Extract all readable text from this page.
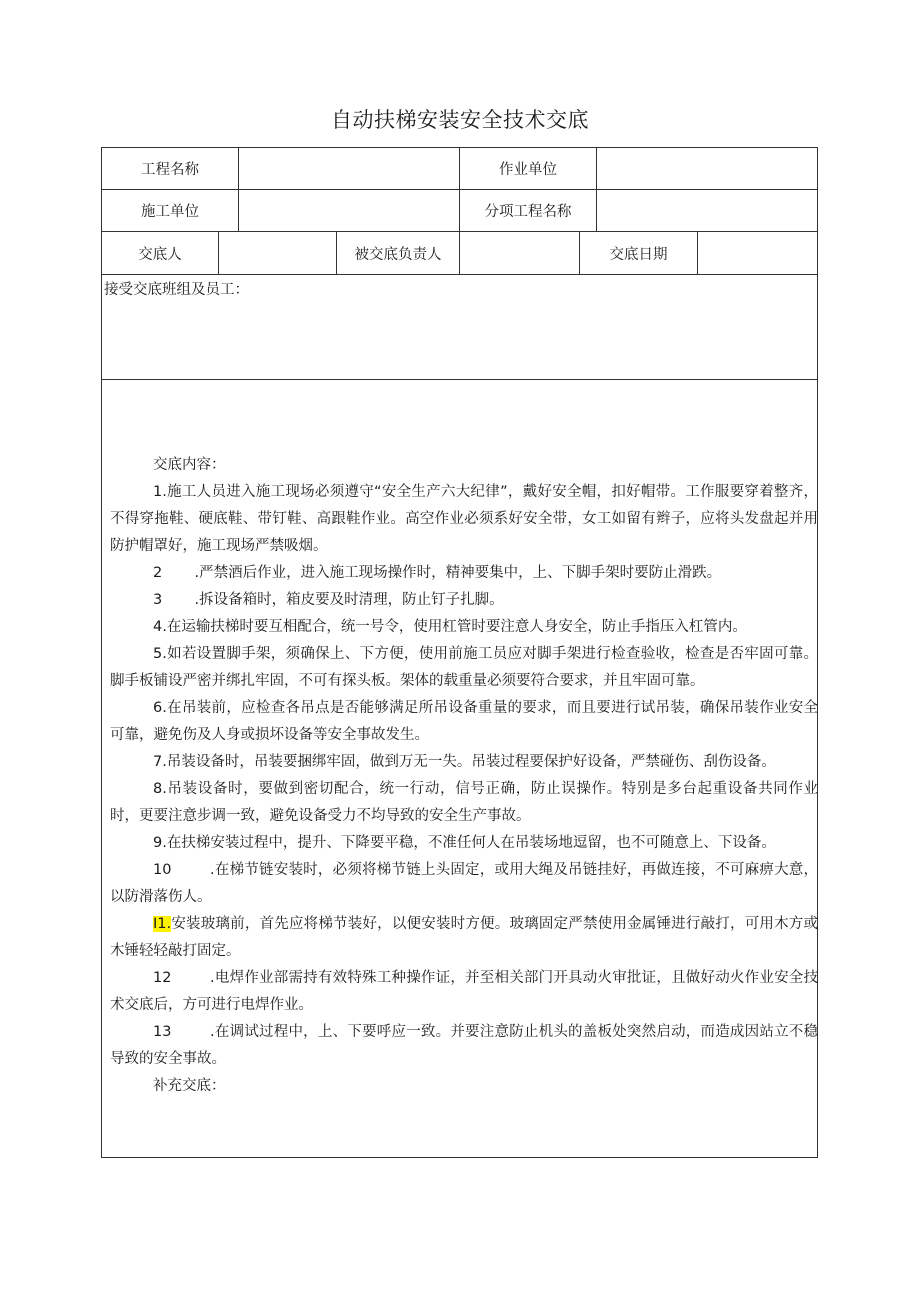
自动扶梯安装安全技术交底
工程名称	作业单位
施工单位	分项工程名称
交底人	被交底负责人	交底日期
接受交底班组及员工：

交底内容：

1.施工人员进入施工现场必须遵守“安全生产六大纪律”，戴好安全帽，扣好帽带。工作服要穿着整齐，不得穿拖鞋、硬底鞋、带钉鞋、高跟鞋作业。高空作业必须系好安全带，女工如留有辫子，应将头发盘起并用防护帽罩好，施工现场严禁吸烟。

2       .严禁酒后作业，进入施工现场操作时，精神要集中，上、下脚手架时要防止滑跌。

3       .拆设备箱时，箱皮要及时清理，防止钉子扎脚。

4.在运输扶梯时要互相配合，统一号令，使用杠管时要注意人身安全，防止手指压入杠管内。

5.如若设置脚手架，须确保上、下方便，使用前施工员应对脚手架进行检查验收，检查是否牢固可靠。脚手板铺设严密并绑扎牢固，不可有探头板。架体的载重量必须要符合要求，并且牢固可靠。

6.在吊装前，应检查各吊点是否能够满足所吊设备重量的要求，而且要进行试吊装，确保吊装作业安全可靠，避免伤及人身或损坏设备等安全事故发生。

7.吊装设备时，吊装要捆绑牢固，做到万无一失。吊装过程要保护好设备，严禁碰伤、刮伤设备。

8.吊装设备时，要做到密切配合，统一行动，信号正确，防止误操作。特别是多台起重设备共同作业时，更要注意步调一致，避免设备受力不均导致的安全生产事故。

9.在扶梯安装过程中，提升、下降要平稳，不准任何人在吊装场地逗留，也不可随意上、下设备。

10        .在梯节链安装时，必须将梯节链上头固定，或用大绳及吊链挂好，再做连接，不可麻痹大意，以防滑落伤人。

I1.安装玻璃前，首先应将梯节装好，以便安装时方便。玻璃固定严禁使用金属锤进行敲打，可用木方或木锤轻轻敲打固定。

12        .电焊作业部需持有效特殊工种操作证，并至相关部门开具动火审批证，且做好动火作业安全技术交底后，方可进行电焊作业。

13        .在调试过程中，上、下要呼应一致。并要注意防止机头的盖板处突然启动，而造成因站立不稳导致的安全事故。

补充交底：
